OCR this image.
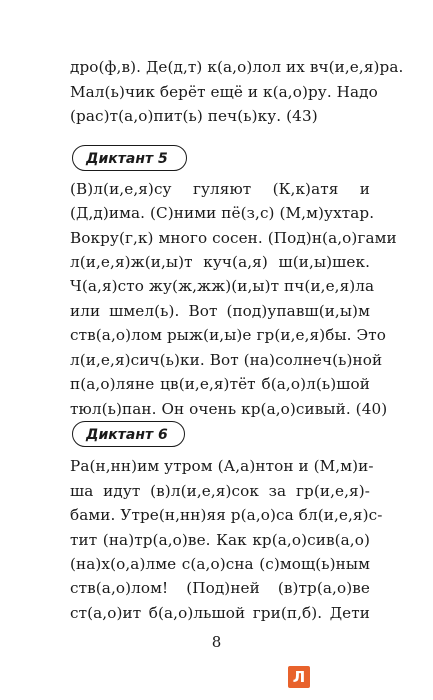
дро(ф,в). Де(д,т) к(а,о)лол их вч(и,е,я)ра.
Мал(ь)чик берёт ещё и к(а,о)ру. Надо
(рас)т(а,о)пит(ь) печ(ь)ку. (43)
Диктант 5
(В)л(и,е,я)су гуляют (К,к)атя и
(Д,д)има. (С)ними пё(з,с) (М,м)ухтар.
Вокру(г,к) много сосен. (Под)н(а,о)гами
л(и,е,я)ж(и,ы)т куч(а,я) ш(и,ы)шек.
Ч(а,я)сто жу(ж,жж)(и,ы)т пч(и,е,я)ла
или шмел(ь). Вот (под)упавш(и,ы)м
ств(а,о)лом рыж(и,ы)е гр(и,е,я)бы. Это
л(и,е,я)сич(ь)ки. Вот (на)солнеч(ь)ной
п(а,о)ляне цв(и,е,я)тёт б(а,о)л(ь)шой
тюл(ь)пан. Он очень кр(а,о)сивый. (40)
Диктант 6
Ра(н,нн)им утром (А,а)нтон и (М,м)и-
ша идут (в)л(и,е,я)сок за гр(и,е,я)-
бами. Утре(н,нн)яя р(а,о)са бл(и,е,я)с-
тит (на)тр(а,о)ве. Как кр(а,о)сив(а,о)
(на)х(о,а)лме с(а,о)сна (с)мощ(ь)ным
ств(а,о)лом! (Под)ней (в)тр(а,о)ве
ст(а,о)ит б(а,о)льшой гри(п,б). Дети
8
Л
